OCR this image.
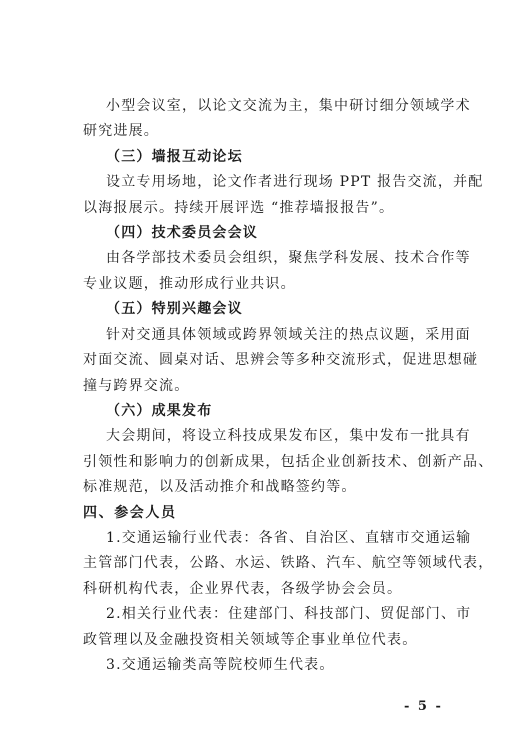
小型会议室，以论文交流为主，集中研讨细分领域学术
研究进展。
（三）墙报互动论坛
设立专用场地，论文作者进行现场 PPT 报告交流，并配
以海报展示。持续开展评选 “推荐墙报报告”。
（四）技术委员会会议
由各学部技术委员会组织，聚焦学科发展、技术合作等
专业议题，推动形成行业共识。
（五）特别兴趣会议
针对交通具体领域或跨界领域关注的热点议题，采用面
对面交流、圆桌对话、思辨会等多种交流形式，促进思想碰
撞与跨界交流。
（六）成果发布
大会期间，将设立科技成果发布区，集中发布一批具有
引领性和影响力的创新成果，包括企业创新技术、创新产品、
标准规范，以及活动推介和战略签约等。
四、参会人员
1.交通运输行业代表：各省、自治区、直辖市交通运输
主管部门代表，公路、水运、铁路、汽车、航空等领域代表，
科研机构代表，企业界代表，各级学协会会员。
2.相关行业代表：住建部门、科技部门、贸促部门、市
政管理以及金融投资相关领域等企事业单位代表。
3.交通运输类高等院校师生代表。
- 5 -
